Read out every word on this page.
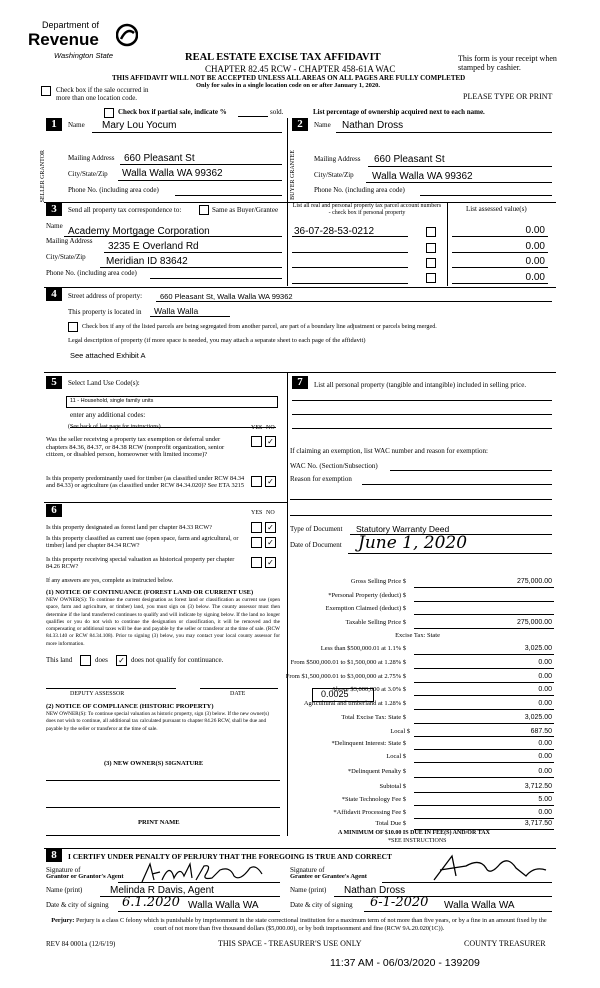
Department of
Revenue
Washington State	REAL ESTATE EXCISE TAX AFFIDAVIT
CHAPTER 82.45 RCW - CHAPTER 458-61A WAC
This form is your receipt when stamped by cashier.
THIS AFFIDAVIT WILL NOT BE ACCEPTED UNLESS ALL AREAS ON ALL PAGES ARE FULLY COMPLETED
Only for sales in a single location code on or after January 1, 2020.
Check box if the sale occurred in more than one location code.	PLEASE TYPE OR PRINT
Check box if partial sale, indicate %	sold.	List percentage of ownership acquired next to each name.
1	Name Mary Lou Yocum
SELLER GRANTOR	Mailing Address 660 Pleasant St
City/State/Zip Walla Walla WA 99362
Phone No. (including area code)
2	Name Nathan Dross
BUYER GRANTEE	Mailing Address 660 Pleasant St
City/State/Zip Walla Walla WA 99362
Phone No. (including area code)
3	Send all property tax correspondence to:	Same as Buyer/Grantee List all real and personal property tax parcel account numbers - check box if personal property	List assessed value(s)
Name Academy Mortgage Corporation
Mailing Address 3235 E Overland Rd
City/State/Zip Meridian ID 83642
Phone No. (including area code)
36-07-28-53-0212	0.00
0.00
0.00
0.00
4	Street address of property: 660 Pleasant St, Walla Walla WA 99362
This property is located in Walla Walla
Check box if any of the listed parcels are being segregated from another parcel, are part of a boundary line adjustment or parcels being merged.
Legal description of property (if more space is needed, you may attach a separate sheet to each page of the affidavit)
See attached Exhibit A
5	Select Land Use Code(s):
11 - Household, single family units
enter any additional codes:
(See back of last page for instructions)	YES NO
Was the seller receiving a property tax exemption or deferral under chapters 84.36, 84.37, or 84.38 RCW (nonprofit organization, senior citizen, or disabled person, homeowner with limited income)?
✓
Is this property predominantly used for timber (as classified under RCW 84.34 and 84.33) or agriculture (as classified under RCW 84.34.020)? See ETA 3215	✓
6	YES NO
Is this property designated as forest land per chapter 84.33 RCW?	✓
Is this property classified as current use (open space, farm and agricultural, or timber) land per chapter 84.34 RCW?	✓
Is this property receiving special valuation as historical property per chapter 84.26 RCW?	✓
If any answers are yes, complete as instructed below.
(1) NOTICE OF CONTINUANCE (FOREST LAND OR CURRENT USE)
NEW OWNER(S): To continue the current designation as forest land or classification as current use (open space, farm and agriculture, or timber) land, you must sign on (3) below. The county assessor must then determine if the land transferred continues to qualify and will indicate by signing below. If the land no longer qualifies or you do not wish to continue the designation or classification, it will be removed and the compensating or additional taxes will be due and payable by the seller or transferor at the time of sale. (RCW 84.33.140 or RCW 84.34.108). Prior to signing (3) below, you may contact your local county assessor for more information.
This land	does ✓ does not qualify for continuance.
DEPUTY ASSESSOR	DATE
(2) NOTICE OF COMPLIANCE (HISTORIC PROPERTY)
NEW OWNER(S): To continue special valuation as historic property, sign (3) below. If the new owner(s) does not wish to continue, all additional tax calculated pursuant to chapter 84.26 RCW, shall be due and payable by the seller or transferor at the time of sale.
(3) NEW OWNER(S) SIGNATURE
PRINT NAME
7	List all personal property (tangible and intangible) included in selling price.
If claiming an exemption, list WAC number and reason for exemption:
WAC No. (Section/Subsection)
Reason for exemption
Type of Document Statutory Warranty Deed
Date of Document June 1, 2020
Gross Selling Price $	275,000.00
*Personal Property (deduct) $
Exemption Claimed (deduct) $
Taxable Selling Price $	275,000.00
Excise Tax: State
Less than $500,000.01 at 1.1% $	3,025.00
From $500,000.01 to $1,500,000 at 1.28% $	0.00
From $1,500,000.01 to $3,000,000 at 2.75% $	0.00
Above $3,000,000 at 3.0% $	0.00
Agricultural and timberland at 1.28% $	0.00
Total Excise Tax: State $	3,025.00
Local $	687.50
*Delinquent Interest: State $	0.00
Local $	0.00
*Delinquent Penalty $	0.00
Subtotal $	3,712.50
*State Technology Fee $	5.00
*Affidavit Processing Fee $	0.00
Total Due $	3,717.50
0.0025
A MINIMUM OF $10.00 IS DUE IN FEE(S) AND/OR TAX
*SEE INSTRUCTIONS
8	I CERTIFY UNDER PENALTY OF PERJURY THAT THE FOREGOING IS TRUE AND CORRECT
Signature of
Grantor or Grantor's Agent
Signature of
Grantee or Grantee's Agent
Name (print)	Melinda R Davis, Agent	Name (print) Nathan Dross
Date & city of signing 6.1.2020 Walla Walla WA	Date & city of signing 6-1-2020 Walla Walla WA
Perjury: Perjury is a class C felony which is punishable by imprisonment in the state correctional institution for a maximum term of not more than five years, or by a fine in an amount fixed by the court of not more than five thousand dollars ($5,000.00), or by both imprisonment and fine (RCW 9A.20.020(1C)).
REV 84 0001a (12/6/19)	THIS SPACE - TREASURER'S USE ONLY	COUNTY TREASURER
11:37 AM - 06/03/2020 - 139209
